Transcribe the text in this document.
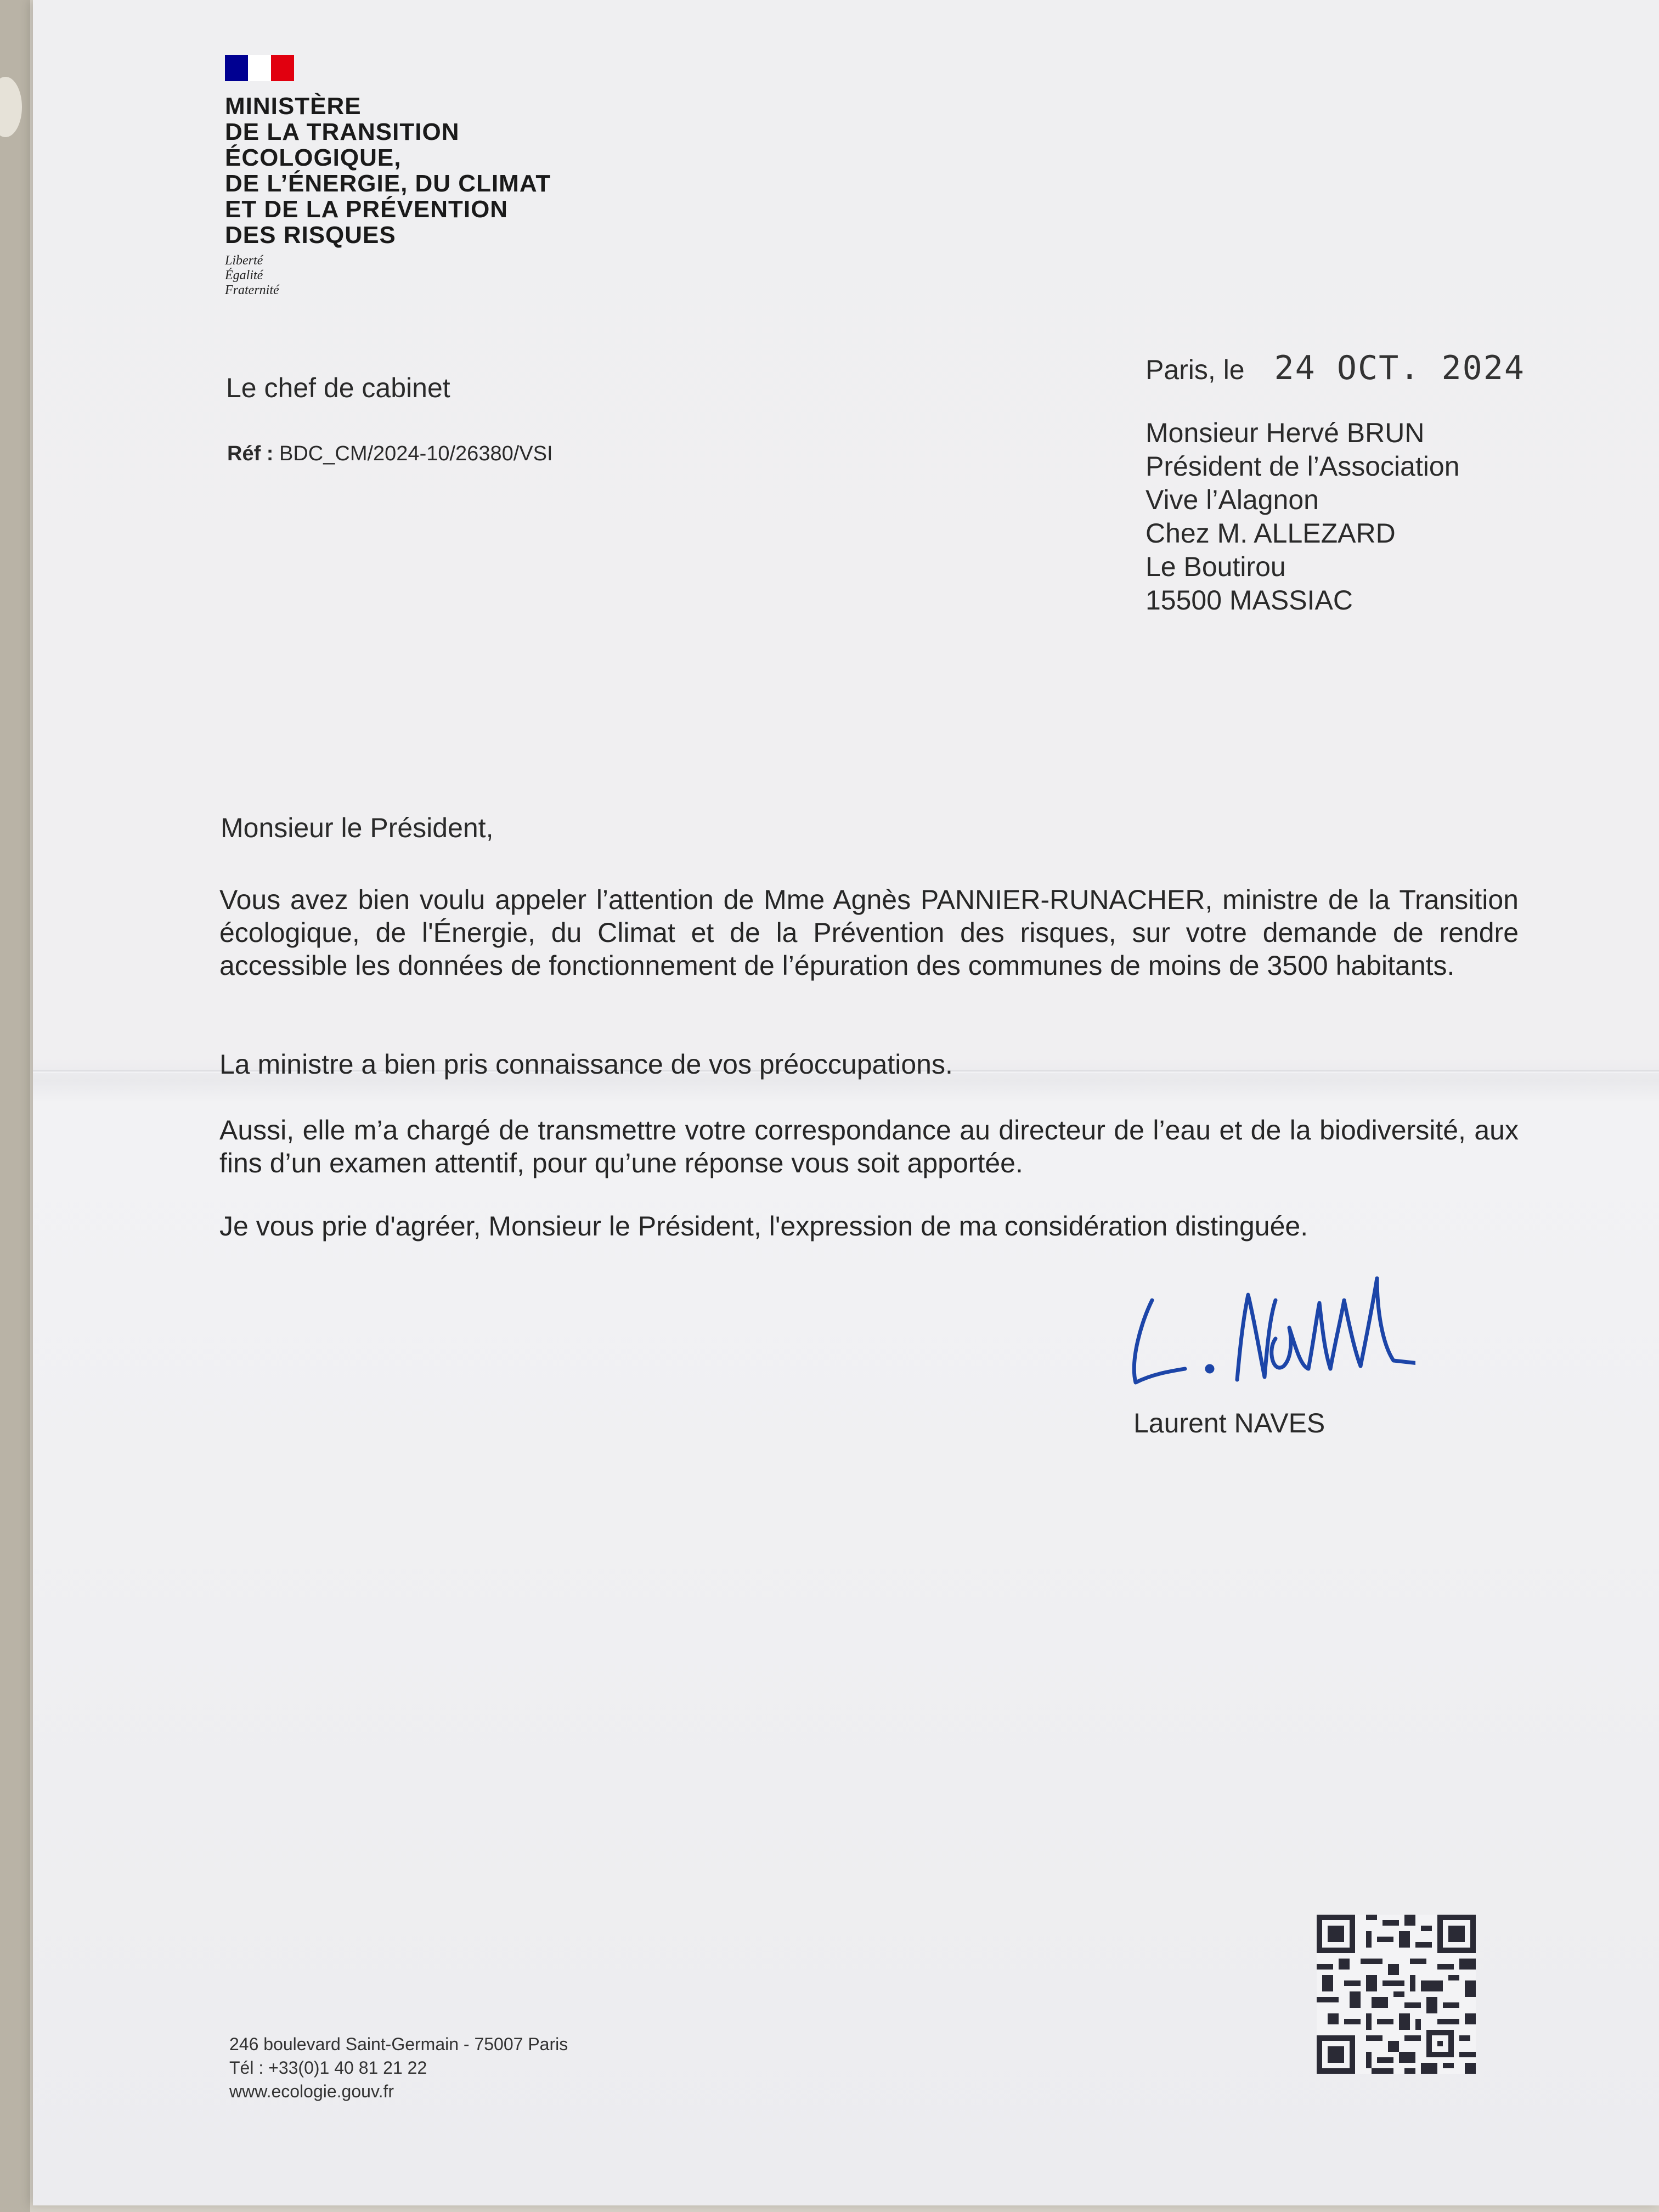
MINISTÈRE
DE LA TRANSITION
ÉCOLOGIQUE,
DE L’ÉNERGIE, DU CLIMAT
ET DE LA PRÉVENTION
DES RISQUES
Liberté
Égalité
Fraternité
Le chef de cabinet
Réf : BDC_CM/2024-10/26380/VSI
Paris, le 24 OCT. 2024
Monsieur Hervé BRUN
Président de l’Association
Vive l’Alagnon
Chez M. ALLEZARD
Le Boutirou
15500 MASSIAC
Monsieur le Président,
Vous avez bien voulu appeler l’attention de Mme Agnès PANNIER-RUNACHER, ministre de la Transition écologique, de l'Énergie, du Climat et de la Prévention des risques, sur votre demande de rendre accessible les données de fonctionnement de l’épuration des communes de moins de 3500 habitants.
La ministre a bien pris connaissance de vos préoccupations.
Aussi, elle m’a chargé de transmettre votre correspondance au directeur de l’eau et de la biodiversité, aux fins d’un examen attentif, pour qu’une réponse vous soit apportée.
Je vous prie d'agréer, Monsieur le Président, l'expression de ma considération distinguée.
Laurent NAVES
246 boulevard Saint-Germain - 75007 Paris
Tél : +33(0)1 40 81 21 22
www.ecologie.gouv.fr
